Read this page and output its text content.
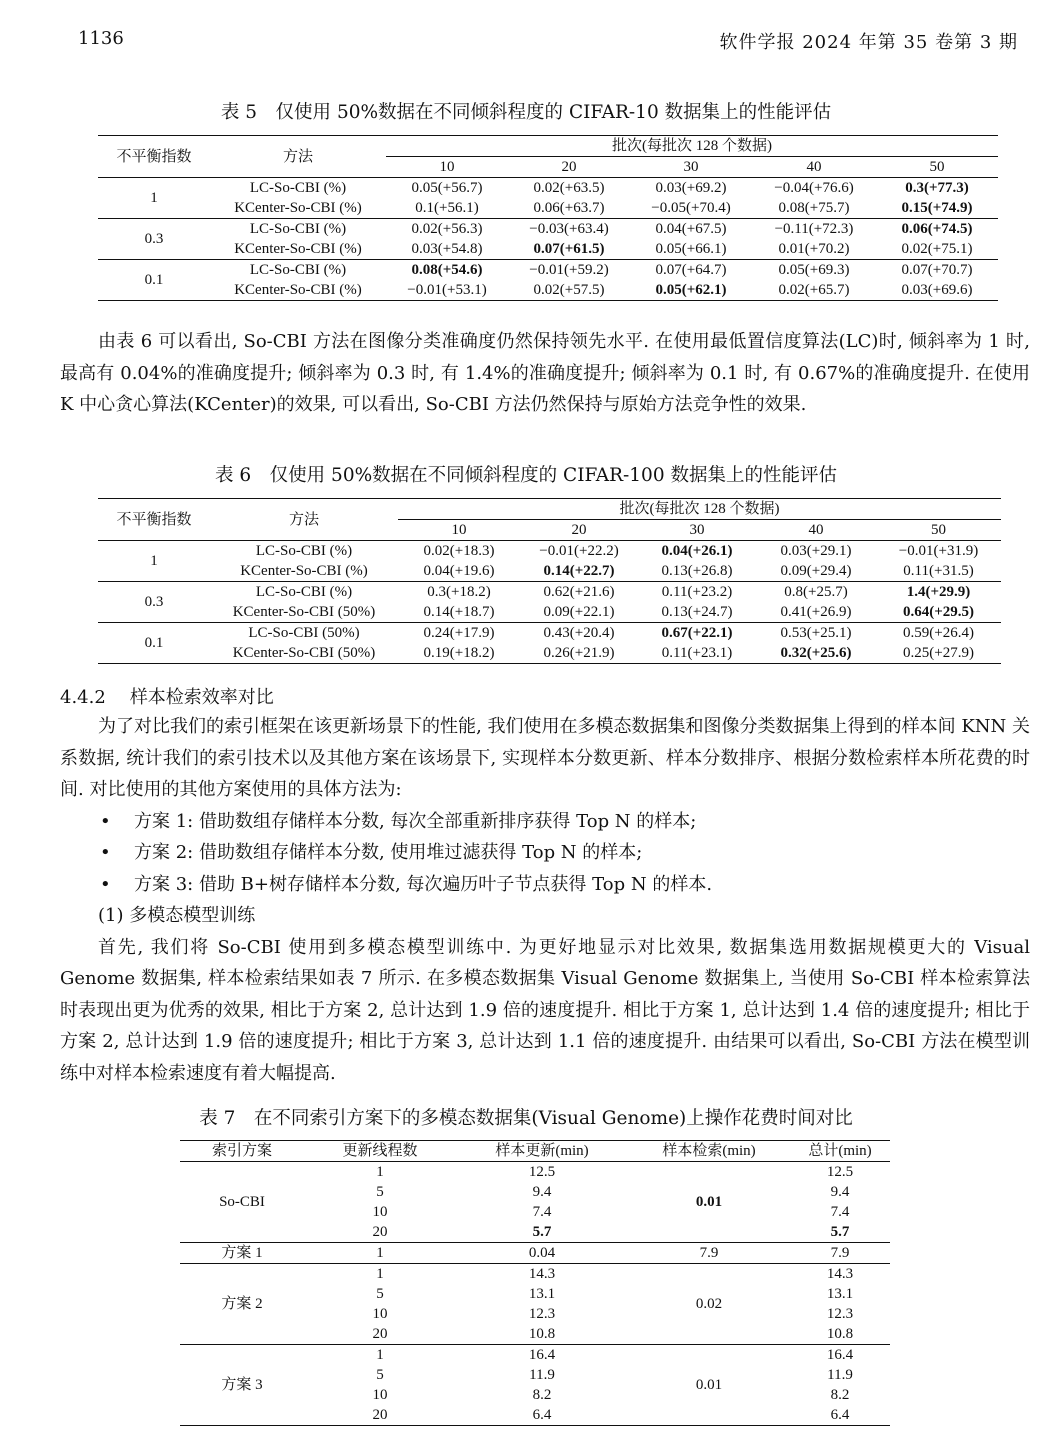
1136	软件学报 2024 年第 35 卷第 3 期
表 5　仅使用 50%数据在不同倾斜程度的 CIFAR-10 数据集上的性能评估
不平衡指数	方法	批次(每批次 128 个数据)				
		10	20	30	40	50
1	LC-So-CBI (%)	0.05(+56.7)	0.02(+63.5)	0.03(+69.2)	−0.04(+76.6)	0.3(+77.3)
	KCenter-So-CBI (%)	0.1(+56.1)	0.06(+63.7)	−0.05(+70.4)	0.08(+75.7)	0.15(+74.9)
0.3	LC-So-CBI (%)	0.02(+56.3)	−0.03(+63.4)	0.04(+67.5)	−0.11(+72.3)	0.06(+74.5)
	KCenter-So-CBI (%)	0.03(+54.8)	0.07(+61.5)	0.05(+66.1)	0.01(+70.2)	0.02(+75.1)
0.1	LC-So-CBI (%)	0.08(+54.6)	−0.01(+59.2)	0.07(+64.7)	0.05(+69.3)	0.07(+70.7)
	KCenter-So-CBI (%)	−0.01(+53.1)	0.02(+57.5)	0.05(+62.1)	0.02(+65.7)	0.03(+69.6)

由表 6 可以看出, So-CBI 方法在图像分类准确度仍然保持领先水平. 在使用最低置信度算法(LC)时, 倾斜率为 1 时, 最高有 0.04%的准确度提升; 倾斜率为 0.3 时, 有 1.4%的准确度提升; 倾斜率为 0.1 时, 有 0.67%的准确度提升. 在使用 K 中心贪心算法(KCenter)的效果, 可以看出, So-CBI 方法仍然保持与原始方法竞争性的效果.

表 6　仅使用 50%数据在不同倾斜程度的 CIFAR-100 数据集上的性能评估
不平衡指数	方法	批次(每批次 128 个数据)				
		10	20	30	40	50
1	LC-So-CBI (%)	0.02(+18.3)	−0.01(+22.2)	0.04(+26.1)	0.03(+29.1)	−0.01(+31.9)
	KCenter-So-CBI (%)	0.04(+19.6)	0.14(+22.7)	0.13(+26.8)	0.09(+29.4)	0.11(+31.5)
0.3	LC-So-CBI (%)	0.3(+18.2)	0.62(+21.6)	0.11(+23.2)	0.8(+25.7)	1.4(+29.9)
	KCenter-So-CBI (50%)	0.14(+18.7)	0.09(+22.1)	0.13(+24.7)	0.41(+26.9)	0.64(+29.5)
0.1	LC-So-CBI (50%)	0.24(+17.9)	0.43(+20.4)	0.67(+22.1)	0.53(+25.1)	0.59(+26.4)
	KCenter-So-CBI (50%)	0.19(+18.2)	0.26(+21.9)	0.11(+23.1)	0.32(+25.6)	0.25(+27.9)
4.4.2 样本检索效率对比

为了对比我们的索引框架在该更新场景下的性能, 我们使用在多模态数据集和图像分类数据集上得到的样本间 KNN 关系数据, 统计我们的索引技术以及其他方案在该场景下, 实现样本分数更新、样本分数排序、根据分数检索样本所花费的时间. 对比使用的其他方案使用的具体方法为:

• 方案 1: 借助数组存储样本分数, 每次全部重新排序获得 Top N 的样本;
• 方案 2: 借助数组存储样本分数, 使用堆过滤获得 Top N 的样本;
• 方案 3: 借助 B+树存储样本分数, 每次遍历叶子节点获得 Top N 的样本.

(1) 多模态模型训练

首先, 我们将 So-CBI 使用到多模态模型训练中. 为更好地显示对比效果, 数据集选用数据规模更大的 Visual Genome 数据集, 样本检索结果如表 7 所示. 在多模态数据集 Visual Genome 数据集上, 当使用 So-CBI 样本检索算法时表现出更为优秀的效果, 相比于方案 2, 总计达到 1.9 倍的速度提升. 相比于方案 1, 总计达到 1.4 倍的速度提升; 相比于方案 2, 总计达到 1.9 倍的速度提升; 相比于方案 3, 总计达到 1.1 倍的速度提升. 由结果可以看出, So-CBI 方法在模型训练中对样本检索速度有着大幅提高.

表 7　在不同索引方案下的多模态数据集(Visual Genome)上操作花费时间对比
索引方案	更新线程数	样本更新(min)	样本检索(min)	总计(min)
So-CBI	1	12.5	0.01	12.5
	5	9.4		9.4
	10	7.4		7.4
	20	5.7		5.7
方案 1	1	0.04	7.9	7.9
方案 2	1	14.3	0.02	14.3
	5	13.1		13.1
	10	12.3		12.3
	20	10.8		10.8
方案 3	1	16.4	0.01	16.4
	5	11.9		11.9
	10	8.2		8.2
	20	6.4		6.4
